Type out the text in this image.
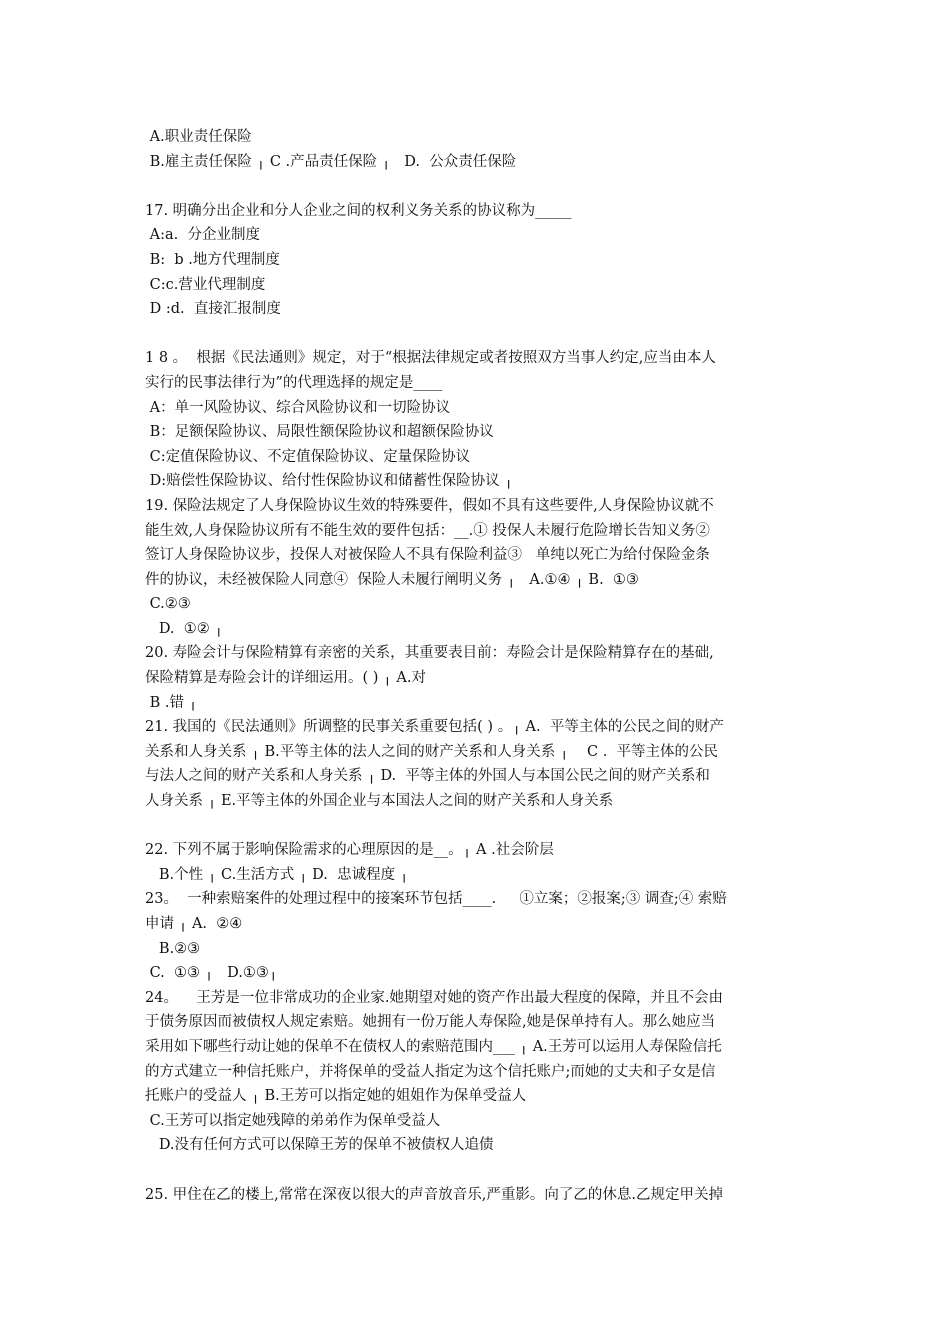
A.职业责任保险
B.雇主责任保险 ╷ C .产品责任保险 ╷   D.  公众责任保险
17. 明确分出企业和分人企业之间的权利义务关系的协议称为_____
A:a.  分企业制度
B:  b .地方代理制度
C:c.营业代理制度
D :d.  直接汇报制度
1 8 。  根据《民法通则》规定，对于“根据法律规定或者按照双方当事人约定,应当由本人
实行的民事法律行为”的代理选择的规定是____
A：单一风险协议、综合风险协议和一切险协议
B：足额保险协议、局限性额保险协议和超额保险协议
C:定值保险协议、不定值保险协议、定量保险协议
D:赔偿性保险协议、给付性保险协议和储蓄性保险协议 ╷
19. 保险法规定了人身保险协议生效的特殊要件，假如不具有这些要件,人身保险协议就不
能生效,人身保险协议所有不能生效的要件包括：__.① 投保人未履行危险增长告知义务②
签订人身保险协议步，投保人对被保险人不具有保险利益③   单纯以死亡为给付保险金条
件的协议，未经被保险人同意④  保险人未履行阐明义务 ╷   A.①④ ╷ B.  ①③
C.②③
D.  ①② ╷
20. 寿险会计与保险精算有亲密的关系，其重要表目前：寿险会计是保险精算存在的基础,
保险精算是寿险会计的详细运用。( ) ╷ A.对
B .错 ╷
21. 我国的《民法通则》所调整的民事关系重要包括( ) 。╷ A.  平等主体的公民之间的财产
关系和人身关系 ╷ B.平等主体的法人之间的财产关系和人身关系 ╷    C .  平等主体的公民
与法人之间的财产关系和人身关系 ╷ D.  平等主体的外国人与本国公民之间的财产关系和
人身关系 ╷ E.平等主体的外国企业与本国法人之间的财产关系和人身关系
22. 下列不属于影响保险需求的心理原因的是__。╷ A .社会阶层
B.个性 ╷ C.生活方式 ╷ D.  忠诚程度 ╷
23。  一种索赔案件的处理过程中的接案环节包括____.     ①立案；②报案;③ 调查;④ 索赔
申请 ╷ A.  ②④
B.②③
C.  ①③ ╷   D.①③╷
24。    王芳是一位非常成功的企业家.她期望对她的资产作出最大程度的保障，并且不会由
于债务原因而被债权人规定索赔。她拥有一份万能人寿保险,她是保单持有人。那么她应当
采用如下哪些行动让她的保单不在债权人的索赔范围内___ ╷ A.王芳可以运用人寿保险信托
的方式建立一种信托账户，并将保单的受益人指定为这个信托账户;而她的丈夫和子女是信
托账户的受益人 ╷ B.王芳可以指定她的姐姐作为保单受益人
C.王芳可以指定她残障的弟弟作为保单受益人
D.没有任何方式可以保障王芳的保单不被债权人追债
25. 甲住在乙的楼上,常常在深夜以很大的声音放音乐,严重影。向了乙的休息.乙规定甲关掉
